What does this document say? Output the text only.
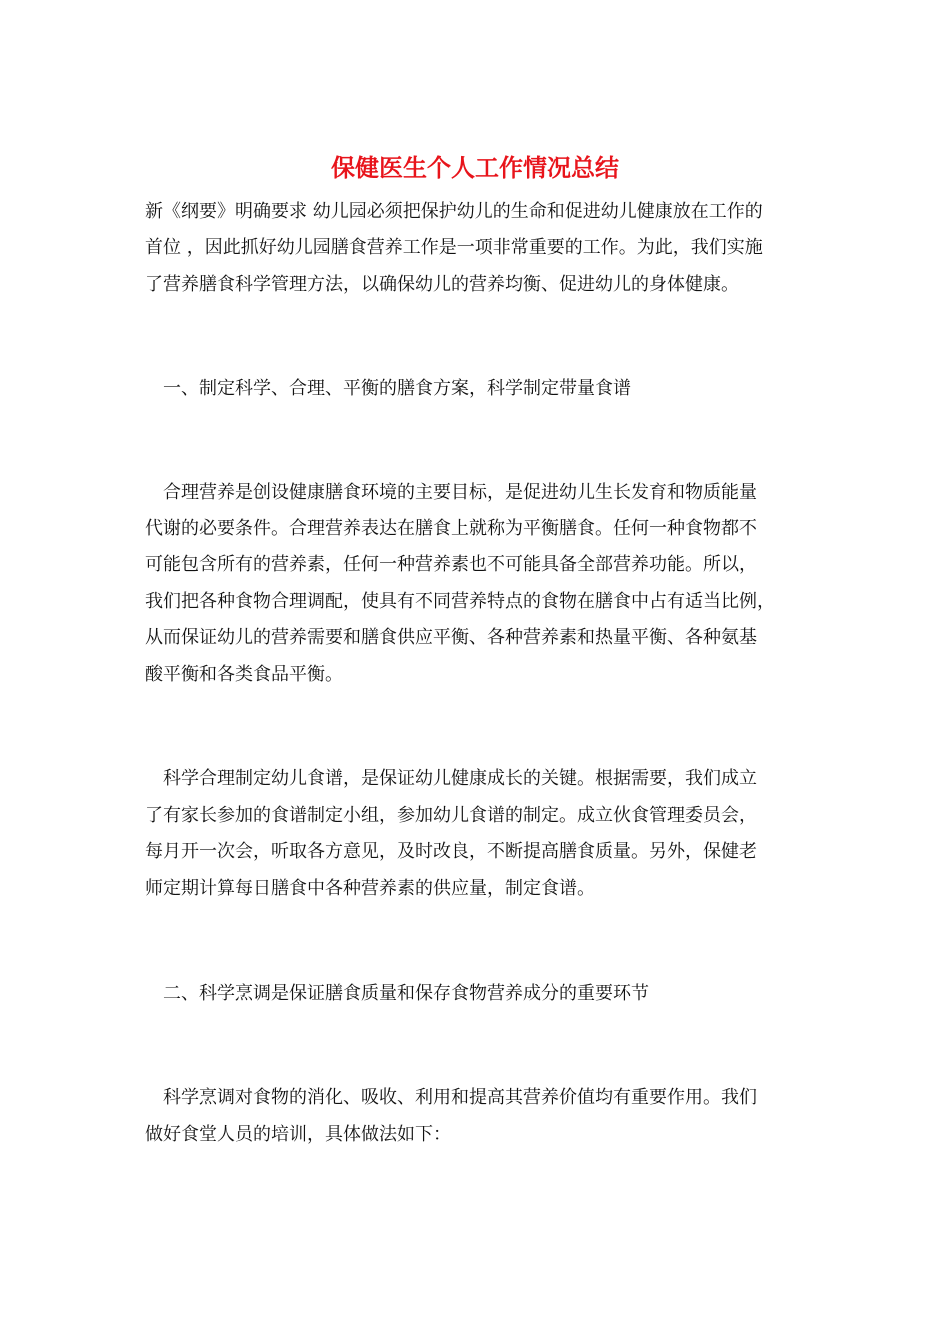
保健医生个人工作情况总结

新《纲要》明确要求 幼儿园必须把保护幼儿的生命和促进幼儿健康放在工作的

首位 ，因此抓好幼儿园膳食营养工作是一项非常重要的工作。为此，我们实施

了营养膳食科学管理方法，以确保幼儿的营养均衡、促进幼儿的身体健康。

一、制定科学、合理、平衡的膳食方案，科学制定带量食谱

合理营养是创设健康膳食环境的主要目标，是促进幼儿生长发育和物质能量

代谢的必要条件。合理营养表达在膳食上就称为平衡膳食。任何一种食物都不

可能包含所有的营养素，任何一种营养素也不可能具备全部营养功能。所以，

我们把各种食物合理调配，使具有不同营养特点的食物在膳食中占有适当比例，

从而保证幼儿的营养需要和膳食供应平衡、各种营养素和热量平衡、各种氨基

酸平衡和各类食品平衡。

科学合理制定幼儿食谱，是保证幼儿健康成长的关键。根据需要，我们成立

了有家长参加的食谱制定小组，参加幼儿食谱的制定。成立伙食管理委员会，

每月开一次会，听取各方意见，及时改良，不断提高膳食质量。另外，保健老

师定期计算每日膳食中各种营养素的供应量，制定食谱。

二、科学烹调是保证膳食质量和保存食物营养成分的重要环节

科学烹调对食物的消化、吸收、利用和提高其营养价值均有重要作用。我们

做好食堂人员的培训，具体做法如下：
